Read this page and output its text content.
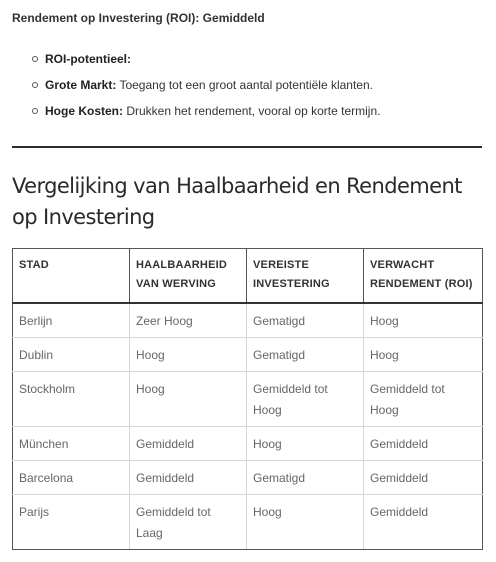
Rendement op Investering (ROI): Gemiddeld

ROI-potentieel:
Grote Markt: Toegang tot een groot aantal potentiële klanten.
Hoge Kosten: Drukken het rendement, vooral op korte termijn.
Vergelijking van Haalbaarheid en Rendement op Investering
STAD	HAALBAARHEID VAN WERVING	VEREISTE INVESTERING	VERWACHT RENDEMENT (ROI)
Berlijn	Zeer Hoog	Gematigd	Hoog
Dublin	Hoog	Gematigd	Hoog
Stockholm	Hoog	Gemiddeld tot Hoog	Gemiddeld tot Hoog
München	Gemiddeld	Hoog	Gemiddeld
Barcelona	Gemiddeld	Gematigd	Gemiddeld
Parijs	Gemiddeld tot Laag	Hoog	Gemiddeld
